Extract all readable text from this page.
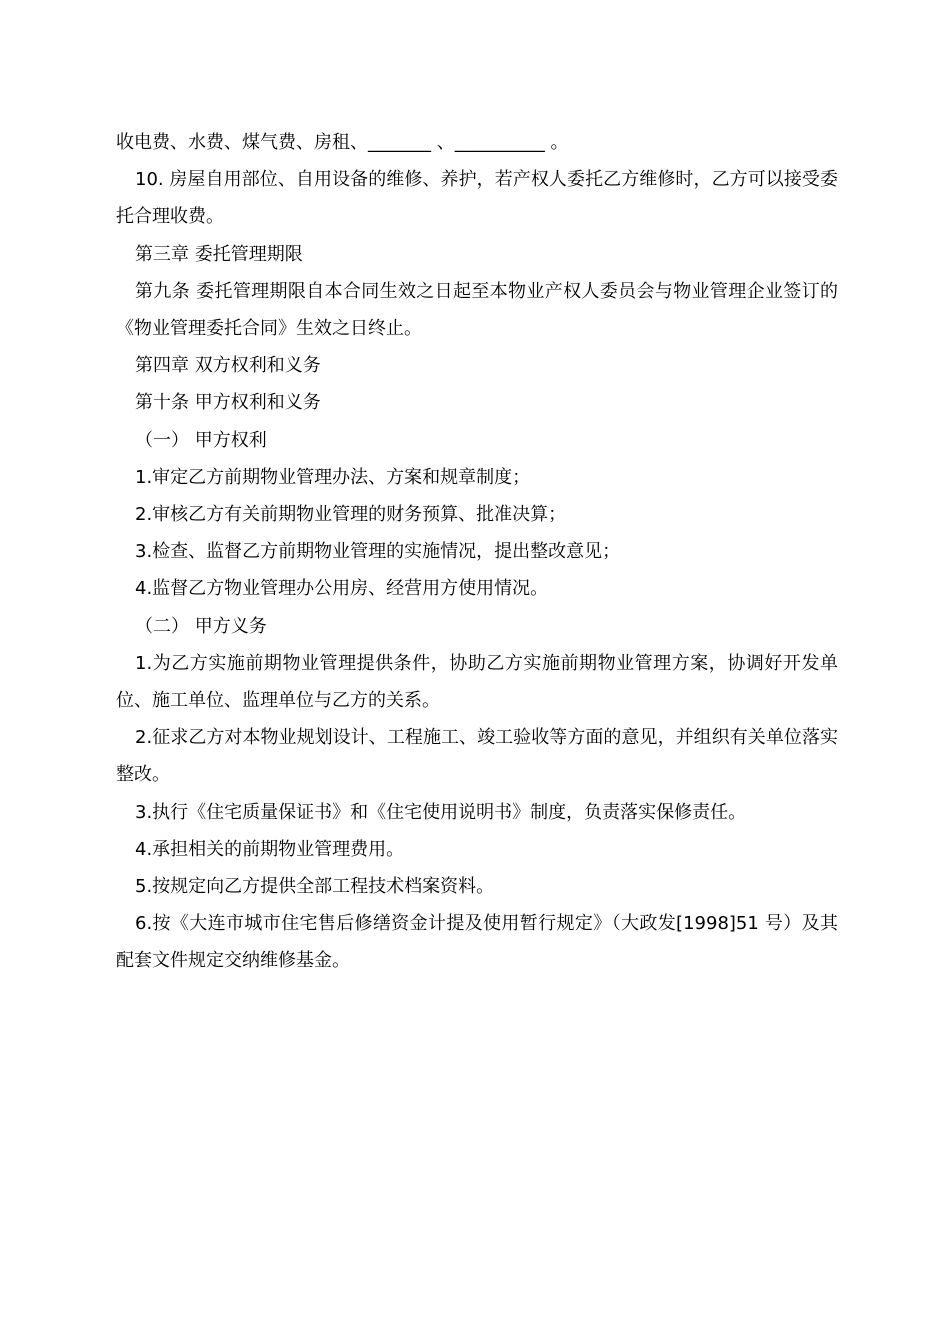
收电费、水费、煤气费、房租、_______ 、__________ 。

10. 房屋自用部位、自用设备的维修、养护，若产权人委托乙方维修时，乙方可以接受委托合理收费。

第三章 委托管理期限

第九条 委托管理期限自本合同生效之日起至本物业产权人委员会与物业管理企业签订的《物业管理委托合同》生效之日终止。

第四章 双方权利和义务

第十条 甲方权利和义务

（一） 甲方权利

1.审定乙方前期物业管理办法、方案和规章制度；

2.审核乙方有关前期物业管理的财务预算、批准决算；

3.检查、监督乙方前期物业管理的实施情况，提出整改意见；

4.监督乙方物业管理办公用房、经营用方使用情况。

（二） 甲方义务

1.为乙方实施前期物业管理提供条件，协助乙方实施前期物业管理方案，协调好开发单位、施工单位、监理单位与乙方的关系。

2.征求乙方对本物业规划设计、工程施工、竣工验收等方面的意见，并组织有关单位落实整改。

3.执行《住宅质量保证书》和《住宅使用说明书》制度，负责落实保修责任。

4.承担相关的前期物业管理费用。

5.按规定向乙方提供全部工程技术档案资料。

6.按《大连市城市住宅售后修缮资金计提及使用暂行规定》（大政发[1998]51 号）及其配套文件规定交纳维修基金。
